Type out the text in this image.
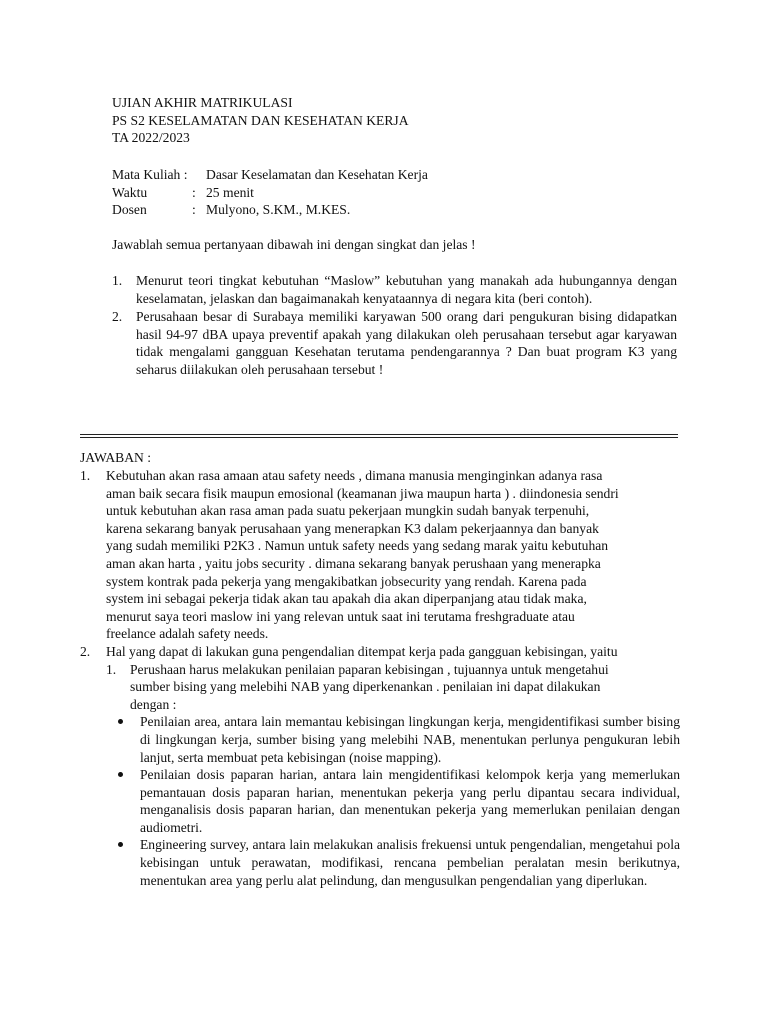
UJIAN AKHIR MATRIKULASI
PS S2 KESELAMATAN DAN KESEHATAN KERJA
TA 2022/2023
Mata Kuliah :	Dasar Keselamatan dan Kesehatan Kerja
Waktu	: 25 menit
Dosen	: Mulyono, S.KM., M.KES.
Jawablah semua pertanyaan dibawah ini dengan singkat dan jelas !
1.	Menurut teori tingkat kebutuhan “Maslow” kebutuhan yang manakah ada hubungannya dengan keselamatan, jelaskan dan bagaimanakah kenyataannya di negara kita (beri contoh).
2.	Perusahaan besar di Surabaya memiliki karyawan 500 orang dari pengukuran bising didapatkan hasil 94-97 dBA upaya preventif apakah yang dilakukan oleh perusahaan tersebut agar karyawan tidak mengalami gangguan Kesehatan terutama pendengarannya ? Dan buat program K3 yang seharus diilakukan oleh perusahaan tersebut !
JAWABAN :
1.	Kebutuhan akan rasa amaan atau safety needs , dimana manusia menginginkan adanya rasa
aman baik secara fisik maupun emosional (keamanan jiwa maupun harta ) . diindonesia sendri
untuk kebutuhan akan rasa aman pada suatu pekerjaan mungkin sudah banyak terpenuhi,
karena sekarang banyak perusahaan yang menerapkan K3 dalam pekerjaannya dan banyak
yang sudah memiliki P2K3 . Namun untuk safety needs yang sedang marak yaitu kebutuhan
aman akan harta , yaitu jobs security . dimana sekarang banyak perushaan yang menerapka
system kontrak pada pekerja yang mengakibatkan jobsecurity yang rendah. Karena pada
system ini sebagai pekerja tidak akan tau apakah dia akan diperpanjang atau tidak maka,
menurut saya teori maslow ini yang relevan untuk saat ini terutama freshgraduate atau
freelance adalah safety needs.
2.	Hal yang dapat di lakukan guna pengendalian ditempat kerja pada gangguan kebisingan, yaitu
1.	Perushaan harus melakukan penilaian paparan kebisingan , tujuannya untuk mengetahui
sumber bising yang melebihi NAB yang diperkenankan . penilaian ini dapat dilakukan
dengan :
Penilaian area, antara lain memantau kebisingan lingkungan kerja, mengidentifikasi sumber bising di lingkungan kerja, sumber bising yang melebihi NAB, menentukan perlunya pengukuran lebih lanjut, serta membuat peta kebisingan (noise mapping).
Penilaian dosis paparan harian, antara lain mengidentifikasi kelompok kerja yang memerlukan pemantauan dosis paparan harian, menentukan pekerja yang perlu dipantau secara individual, menganalisis dosis paparan harian, dan menentukan pekerja yang memerlukan penilaian dengan audiometri.
Engineering survey, antara lain melakukan analisis frekuensi untuk pengendalian, mengetahui pola kebisingan untuk perawatan, modifikasi, rencana pembelian peralatan mesin berikutnya, menentukan area yang perlu alat pelindung, dan mengusulkan pengendalian yang diperlukan.
